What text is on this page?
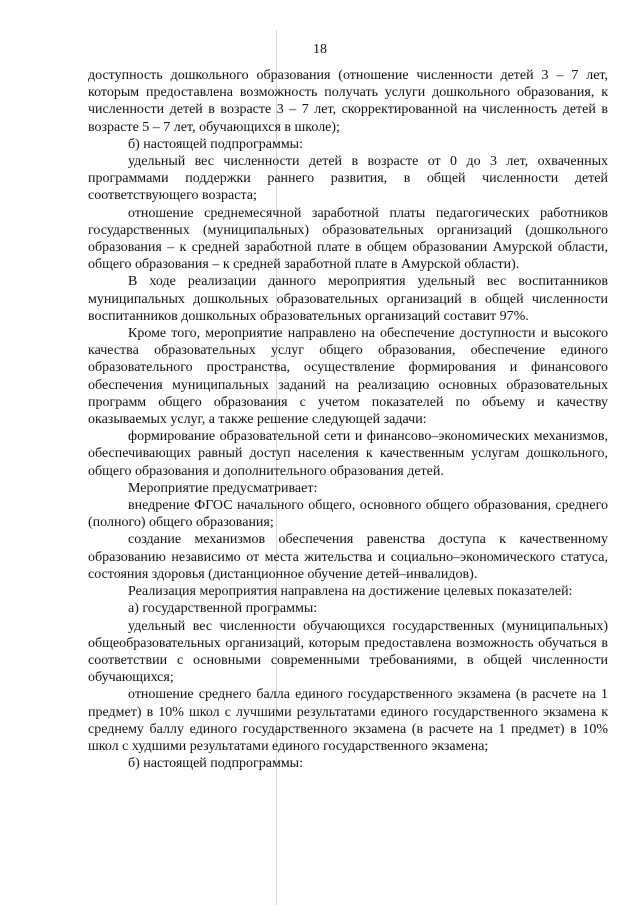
18

доступность дошкольного образования (отношение численности детей 3 – 7 лет, которым предоставлена возможность получать услуги дошкольного образования, к численности детей в возрасте 3 – 7 лет, скорректированной на численность детей в возрасте 5 – 7 лет, обучающихся в школе);

б) настоящей подпрограммы:

удельный вес численности детей в возрасте от 0 до 3 лет, охваченных программами поддержки раннего развития, в общей численности детей соответствующего возраста;

отношение среднемесячной заработной платы педагогических работников государственных (муниципальных) образовательных организаций (дошкольного образования – к средней заработной плате в общем образовании Амурской области, общего образования – к средней заработной плате в Амурской области).

В ходе реализации данного мероприятия удельный вес воспитанников муниципальных дошкольных образовательных организаций в общей численности воспитанников дошкольных образовательных организаций составит 97%.

Кроме того, мероприятие направлено на обеспечение доступности и высокого качества образовательных услуг общего образования, обеспечение единого образовательного пространства, осуществление формирования и финансового обеспечения муниципальных заданий на реализацию основных образовательных программ общего образования с учетом показателей по объему и качеству оказываемых услуг, а также решение следующей задачи:

формирование образовательной сети и финансово–экономических механизмов, обеспечивающих равный доступ населения к качественным услугам дошкольного, общего образования и дополнительного образования детей.

Мероприятие предусматривает:

внедрение ФГОС начального общего, основного общего образования, среднего (полного) общего образования;

создание механизмов обеспечения равенства доступа к качественному образованию независимо от места жительства и социально–экономического статуса, состояния здоровья (дистанционное обучение детей–инвалидов).

Реализация мероприятия направлена на достижение целевых показателей:

а) государственной программы:

удельный вес численности обучающихся государственных (муниципальных) общеобразовательных организаций, которым предоставлена возможность обучаться в соответствии с основными современными требованиями, в общей численности обучающихся;

отношение среднего балла единого государственного экзамена (в расчете на 1 предмет) в 10% школ с лучшими результатами единого государственного экзамена к среднему баллу единого государственного экзамена (в расчете на 1 предмет) в 10% школ с худшими результатами единого государственного экзамена;

б) настоящей подпрограммы:
